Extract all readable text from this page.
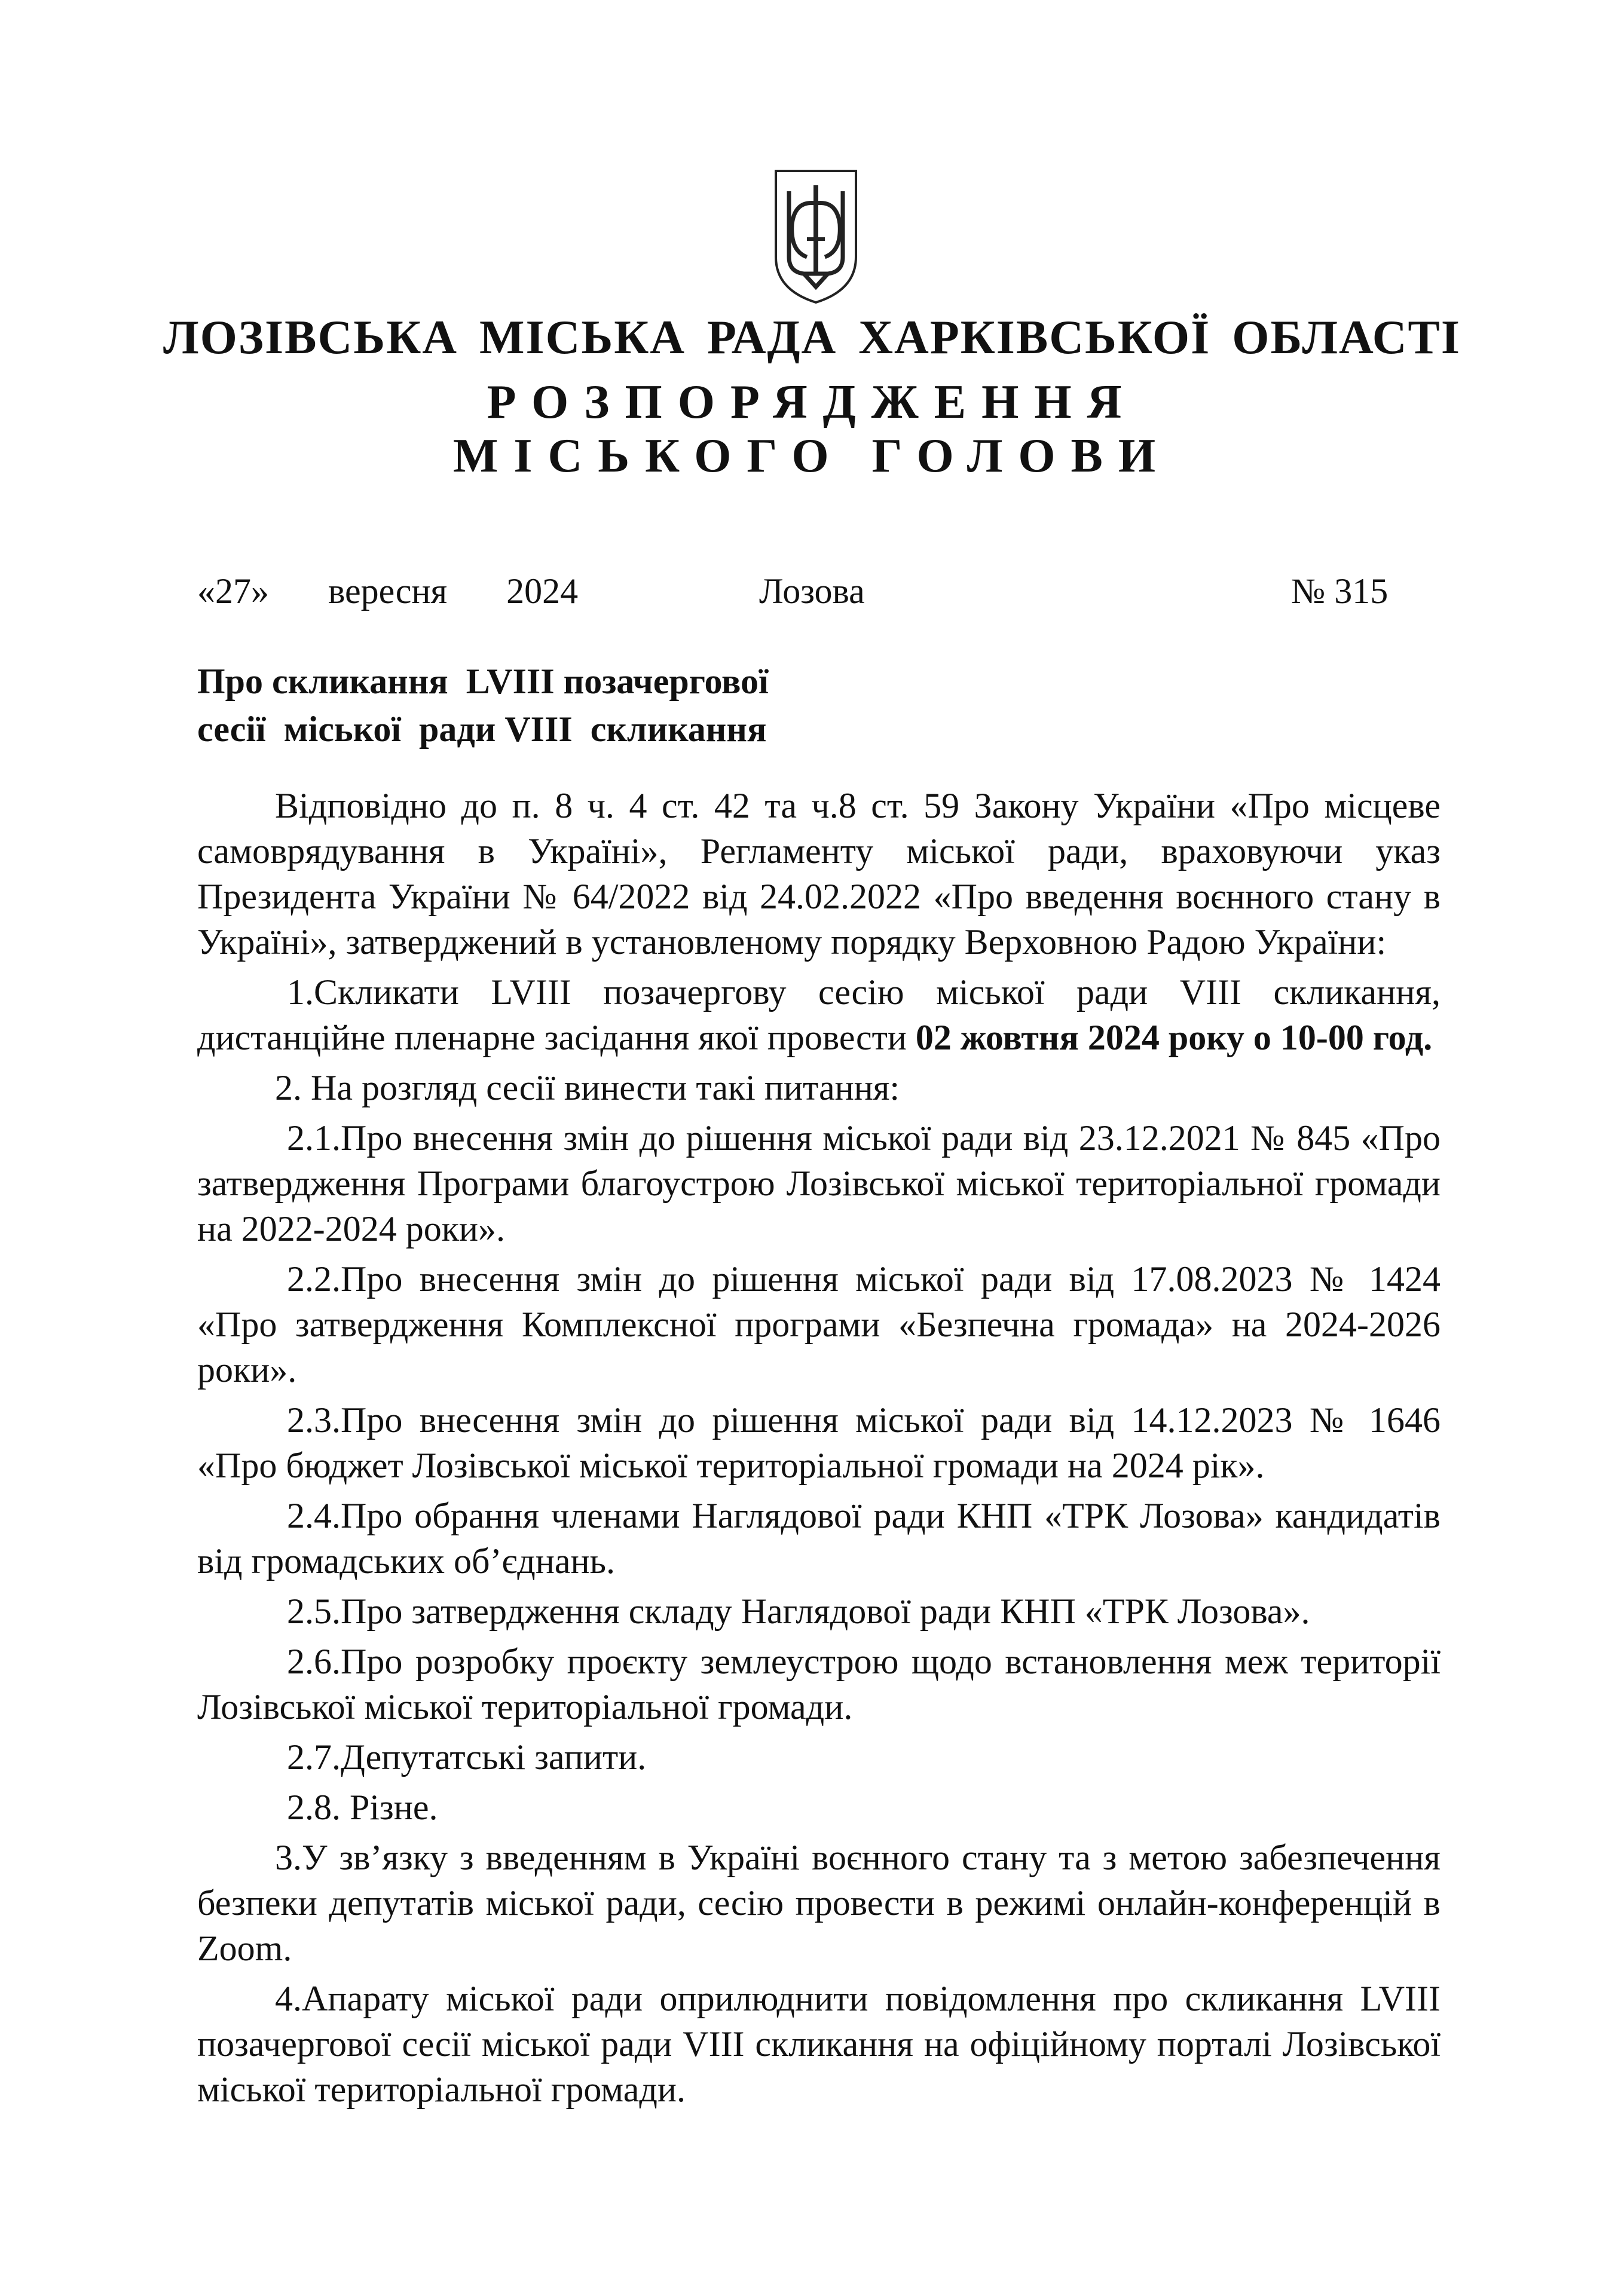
ЛОЗІВСЬКА МІСЬКА РАДА ХАРКІВСЬКОЇ ОБЛАСТІ
РОЗПОРЯДЖЕННЯ
МІСЬКОГО ГОЛОВИ
«27»   вересня   2024	Лозова	№ 315
Про скликання  LVIII позачергової
сесії  міської  ради VIII  скликання

Відповідно до п. 8 ч. 4 ст. 42 та ч.8 ст. 59 Закону України «Про місцеве самоврядування в Україні», Регламенту міської ради, враховуючи указ Президента України № 64/2022 від 24.02.2022 «Про введення воєнного стану в Україні», затверджений в установленому порядку Верховною Радою України:

1.Скликати LVIII позачергову сесію міської ради VIII скликання, дистанційне пленарне засідання якої провести 02 жовтня 2024 року о 10-00 год.

2. На розгляд сесії винести такі питання:

2.1.Про внесення змін до рішення міської ради від 23.12.2021 № 845 «Про затвердження Програми благоустрою Лозівської міської територіальної громади на 2022-2024 роки».

2.2.Про внесення змін до рішення міської ради від 17.08.2023 № 1424 «Про затвердження Комплексної програми «Безпечна громада» на 2024-2026 роки».

2.3.Про внесення змін до рішення міської ради від 14.12.2023 № 1646 «Про бюджет Лозівської міської територіальної громади на 2024 рік».

2.4.Про обрання членами Наглядової ради КНП «ТРК Лозова» кандидатів від громадських об’єднань.

2.5.Про затвердження складу Наглядової ради КНП «ТРК Лозова».

2.6.Про розробку проєкту землеустрою щодо встановлення меж території Лозівської міської територіальної громади.

2.7.Депутатські запити.

2.8. Різне.

3.У зв’язку з введенням в Україні воєнного стану та з метою забезпечення безпеки депутатів міської ради, сесію провести в режимі онлайн-конференцій в Zoom.

4.Апарату міської ради оприлюднити повідомлення про скликання LVIII позачергової сесії міської ради VIII скликання на офіційному порталі Лозівської міської територіальної громади.
